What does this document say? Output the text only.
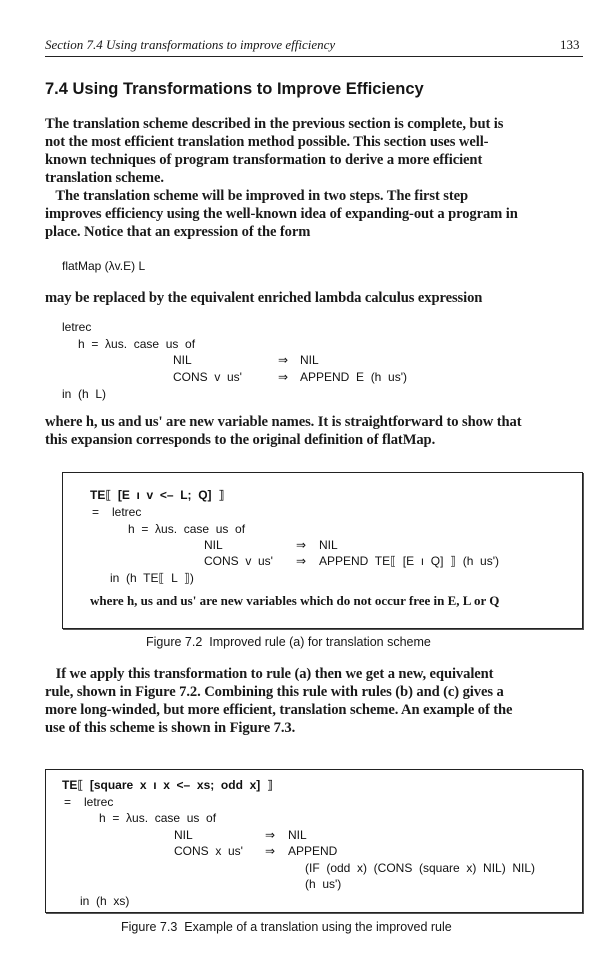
Section 7.4 Using transformations to improve efficiency	133
7.4 Using Transformations to Improve Efficiency
The translation scheme described in the previous section is complete, but is
not the most efficient translation method possible. This section uses well-
known techniques of program transformation to derive a more efficient
translation scheme.
The translation scheme will be improved in two steps. The first step
improves efficiency using the well-known idea of expanding-out a program in
place. Notice that an expression of the form
flatMap (λv.E) L
may be replaced by the equivalent enriched lambda calculus expression
letrec
h  =  λus.  case  us  of
NIL	⇒ NIL
CONS  v  us'	⇒ APPEND  E  (h  us')
in  (h  L)
where h, us and us' are new variable names. It is straightforward to show that
this expansion corresponds to the original definition of flatMap.
TE⟦  [E  ı  v  <–  L;  Q]  ⟧
= letrec
h  =  λus.  case  us  of
NIL	⇒ NIL
CONS  v  us' ⇒ APPEND  TE⟦  [E  ı  Q]  ⟧  (h  us')
in  (h  TE⟦  L  ⟧)
where h, us and us' are new variables which do not occur free in E, L or Q
Figure 7.2  Improved rule (a) for translation scheme
If we apply this transformation to rule (a) then we get a new, equivalent
rule, shown in Figure 7.2. Combining this rule with rules (b) and (c) gives a
more long-winded, but more efficient, translation scheme. An example of the
use of this scheme is shown in Figure 7.3.
TE⟦  [square  x  ı  x  <–  xs;  odd  x]  ⟧
= letrec
h  =  λus.  case  us  of
NIL	⇒ NIL
CONS  x  us' ⇒ APPEND
(IF  (odd  x)  (CONS  (square  x)  NIL)  NIL)
(h  us')
in  (h  xs)
Figure 7.3  Example of a translation using the improved rule
